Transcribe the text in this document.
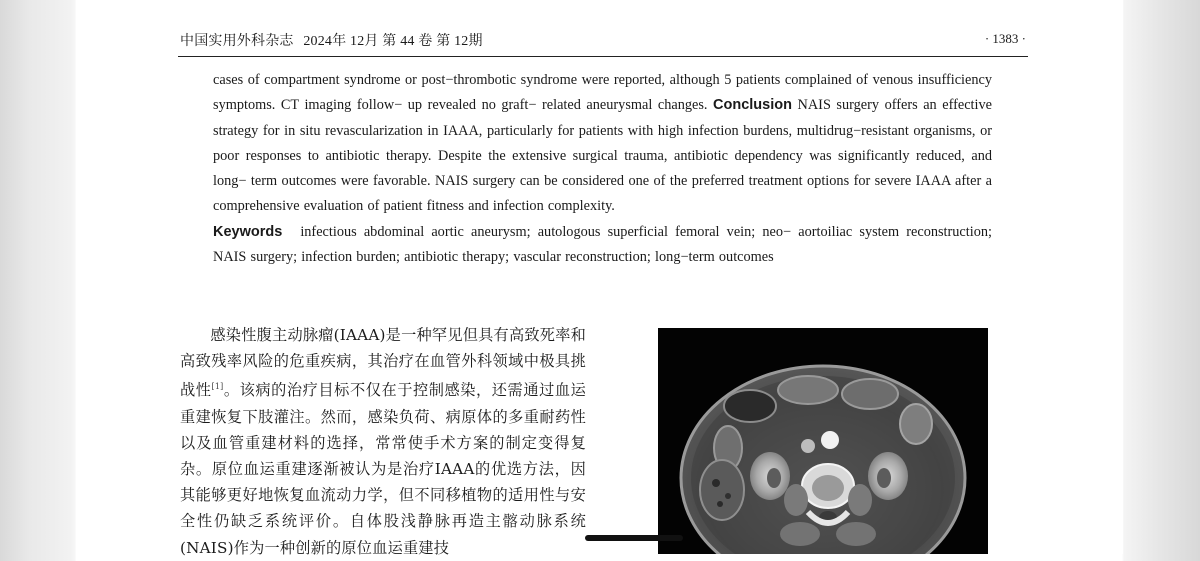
中国实用外科杂志 2024年 12月 第 44 卷 第 12期	· 1383 ·
cases of compartment syndrome or post−thrombotic syndrome were reported, although 5 patients complained of venous insufficiency symptoms. CT imaging follow− up revealed no graft− related aneurysmal changes. Conclusion NAIS surgery offers an effective strategy for in situ revascularization in IAAA, particularly for patients with high infection burdens, multidrug−resistant organisms, or poor responses to antibiotic therapy. Despite the extensive surgical trauma, antibiotic dependency was significantly reduced, and long− term outcomes were favorable. NAIS surgery can be considered one of the preferred treatment options for severe IAAA after a comprehensive evaluation of patient fitness and infection complexity.
Keywords infectious abdominal aortic aneurysm; autologous superficial femoral vein; neo− aortoiliac system reconstruction; NAIS surgery; infection burden; antibiotic therapy; vascular reconstruction; long−term outcomes

感染性腹主动脉瘤(IAAA)是一种罕见但具有高致死率和高致残率风险的危重疾病，其治疗在血管外科领域中极具挑战性[1]。该病的治疗目标不仅在于控制感染，还需通过血运重建恢复下肢灌注。然而，感染负荷、病原体的多重耐药性以及血管重建材料的选择，常常使手术方案的制定变得复杂。原位血运重建逐渐被认为是治疗IAAA的优选方法，因其能够更好地恢复血流动力学，但不同移植物的适用性与安全性仍缺乏系统评价。自体股浅静脉再造主髂动脉系统(NAIS)作为一种创新的原位血运重建技
